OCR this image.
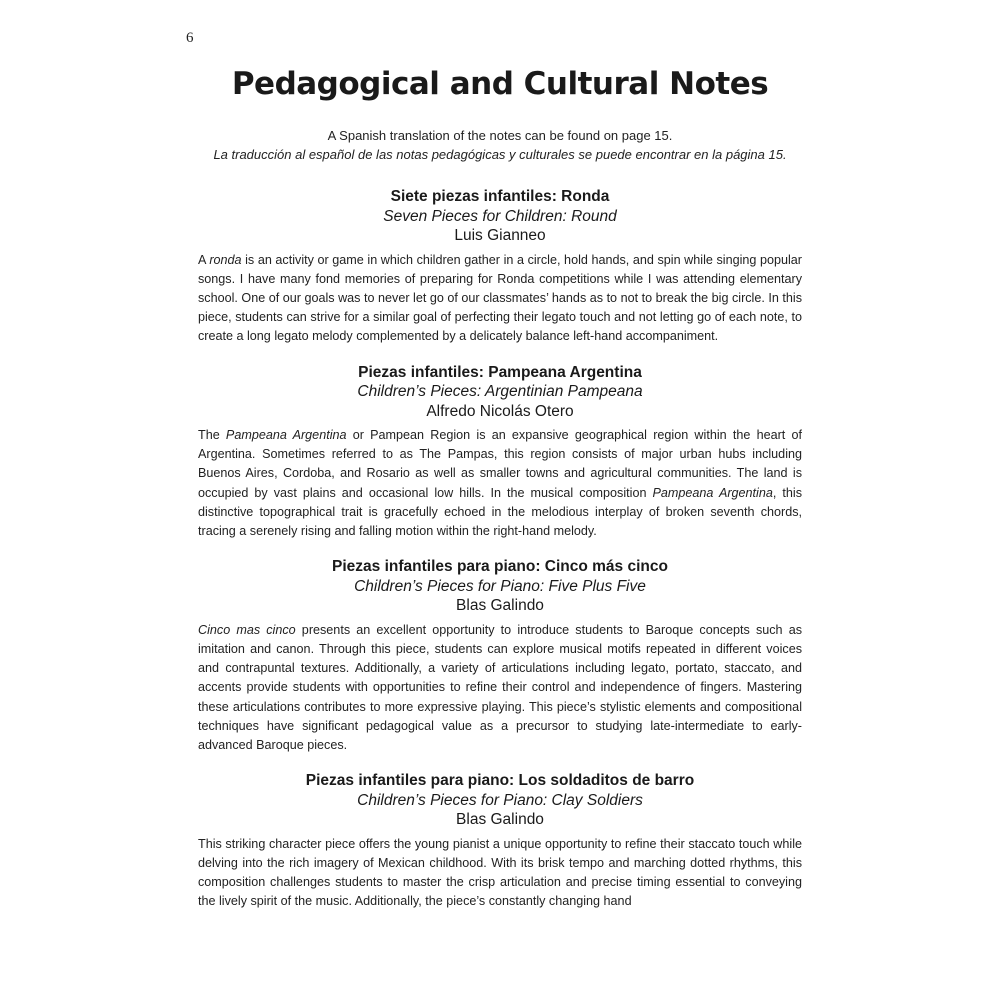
6
Pedagogical and Cultural Notes
A Spanish translation of the notes can be found on page 15.
La traducción al español de las notas pedagógicas y culturales se puede encontrar en la página 15.
Siete piezas infantiles: Ronda
Seven Pieces for Children: Round
Luis Gianneo

A ronda is an activity or game in which children gather in a circle, hold hands, and spin while singing popular songs. I have many fond memories of preparing for Ronda competitions while I was attending elementary school. One of our goals was to never let go of our classmates’ hands as to not to break the big circle. In this piece, students can strive for a similar goal of perfecting their legato touch and not letting go of each note, to create a long legato melody complemented by a delicately balance left-hand accompaniment.

Piezas infantiles: Pampeana Argentina
Children’s Pieces: Argentinian Pampeana
Alfredo Nicolás Otero

The Pampeana Argentina or Pampean Region is an expansive geographical region within the heart of Argentina. Sometimes referred to as The Pampas, this region consists of major urban hubs including Buenos Aires, Cordoba, and Rosario as well as smaller towns and agricultural communities. The land is occupied by vast plains and occasional low hills. In the musical composition Pampeana Argentina, this distinctive topographical trait is gracefully echoed in the melodious interplay of broken seventh chords, tracing a serenely rising and falling motion within the right-hand melody.

Piezas infantiles para piano: Cinco más cinco
Children’s Pieces for Piano: Five Plus Five
Blas Galindo

Cinco mas cinco presents an excellent opportunity to introduce students to Baroque concepts such as imitation and canon. Through this piece, students can explore musical motifs repeated in different voices and contrapuntal textures. Additionally, a variety of articulations including legato, portato, staccato, and accents provide students with opportunities to refine their control and independence of fingers. Mastering these articulations contributes to more expressive playing. This piece’s stylistic elements and compositional techniques have significant pedagogical value as a precursor to studying late-intermediate to early-advanced Baroque pieces.

Piezas infantiles para piano: Los soldaditos de barro
Children’s Pieces for Piano: Clay Soldiers
Blas Galindo

This striking character piece offers the young pianist a unique opportunity to refine their staccato touch while delving into the rich imagery of Mexican childhood. With its brisk tempo and marching dotted rhythms, this composition challenges students to master the crisp articulation and precise timing essential to conveying the lively spirit of the music. Additionally, the piece’s constantly changing hand
